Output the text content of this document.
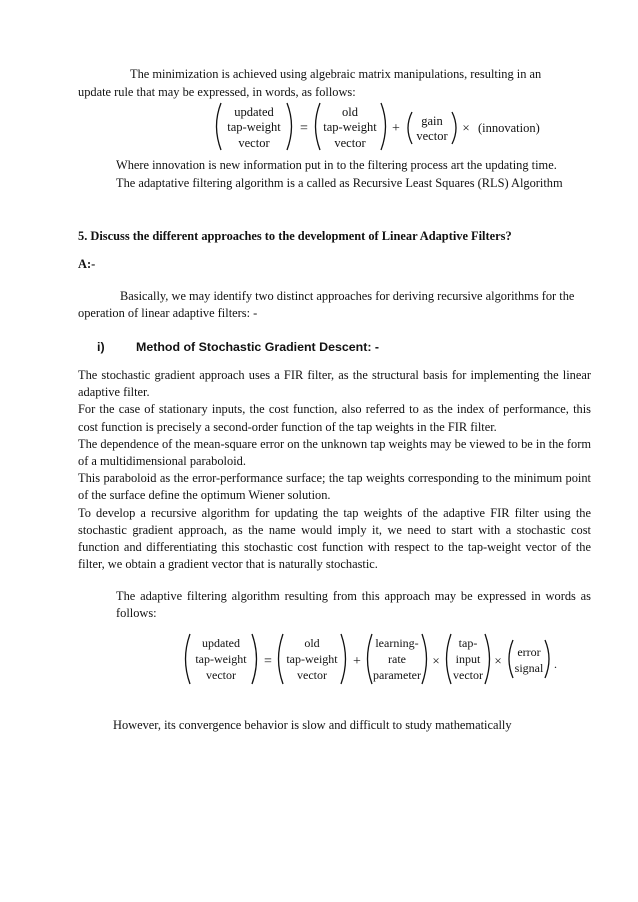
The minimization is achieved using algebraic matrix manipulations, resulting in an
update rule that may be expressed, in words, as follows:
updated
tap-weight
vector
=
old
tap-weight
vector
+ gain
vector
× (innovation)
Where innovation is new information put in to the filtering process art the updating time.
The adaptative filtering algorithm is a called as Recursive Least Squares (RLS) Algorithm
5. Discuss the different approaches to the development of Linear Adaptive Filters?
A:-
Basically, we may identify two distinct approaches for deriving recursive algorithms for the
operation of linear adaptive filters: -
i)	Method of Stochastic Gradient Descent: -

The stochastic gradient approach uses a FIR filter, as the structural basis for implementing the linear adaptive filter.

For the case of stationary inputs, the cost function, also referred to as the index of performance, this cost function is precisely a second-order function of the tap weights in the FIR filter.

The dependence of the mean-square error on the unknown tap weights may be viewed to be in the form of a multidimensional paraboloid.

This paraboloid as the error-performance surface; the tap weights corresponding to the minimum point of the surface define the optimum Wiener solution.

To develop a recursive algorithm for updating the tap weights of the adaptive FIR filter using the stochastic gradient approach, as the name would imply it, we need to start with a stochastic cost function and differentiating this stochastic cost function with respect to the tap-weight vector of the filter, we obtain a gradient vector that is naturally stochastic.

The adaptive filtering algorithm resulting from this approach may be expressed in words as follows:

updated
tap-weight
vector
=
old
tap-weight
vector
+
learning-
rate
parameter
×
tap-
input
vector
×
error
signal .
However, its convergence behavior is slow and difficult to study mathematically
